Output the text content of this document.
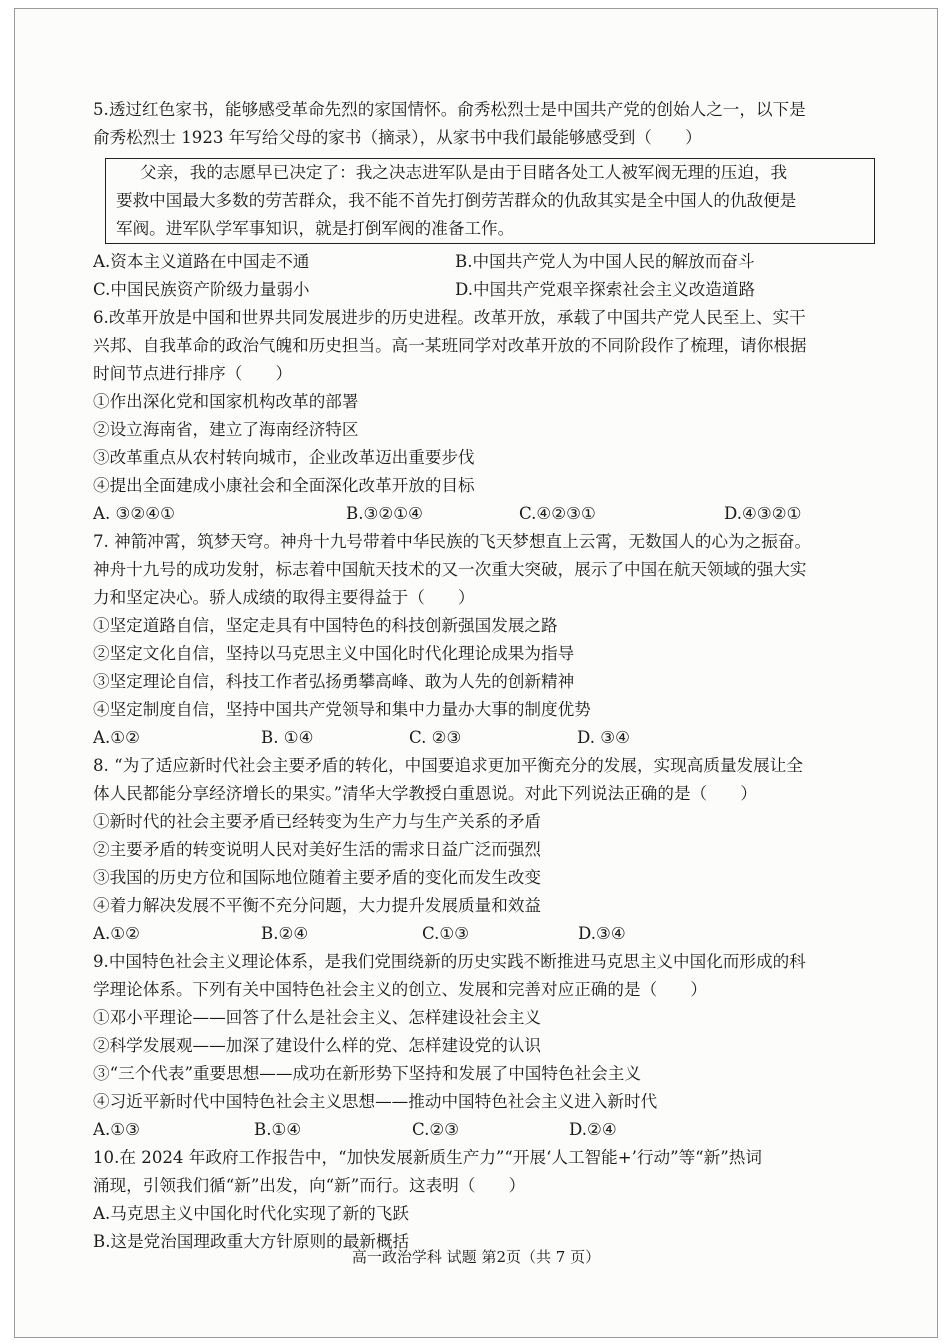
5.透过红色家书，能够感受革命先烈的家国情怀。俞秀松烈士是中国共产党的创始人之一，以下是
俞秀松烈士 1923 年写给父母的家书（摘录），从家书中我们最能够感受到（　　）
父亲，我的志愿早已决定了：我之决志进军队是由于目睹各处工人被军阀无理的压迫，我
要救中国最大多数的劳苦群众，我不能不首先打倒劳苦群众的仇敌其实是全中国人的仇敌便是
军阀。进军队学军事知识，就是打倒军阀的准备工作。
A.资本主义道路在中国走不通	B.中国共产党人为中国人民的解放而奋斗
C.中国民族资产阶级力量弱小	D.中国共产党艰辛探索社会主义改造道路
6.改革开放是中国和世界共同发展进步的历史进程。改革开放，承载了中国共产党人民至上、实干
兴邦、自我革命的政治气魄和历史担当。高一某班同学对改革开放的不同阶段作了梳理，请你根据
时间节点进行排序（　　）
①作出深化党和国家机构改革的部署
②设立海南省，建立了海南经济特区
③改革重点从农村转向城市，企业改革迈出重要步伐
④提出全面建成小康社会和全面深化改革开放的目标
A. ③②④①	B.③②①④	C.④②③①	D.④③②①
7. 神箭冲霄，筑梦天穹。神舟十九号带着中华民族的飞天梦想直上云霄，无数国人的心为之振奋。
神舟十九号的成功发射，标志着中国航天技术的又一次重大突破，展示了中国在航天领域的强大实
力和坚定决心。骄人成绩的取得主要得益于（　　）
①坚定道路自信，坚定走具有中国特色的科技创新强国发展之路
②坚定文化自信，坚持以马克思主义中国化时代化理论成果为指导
③坚定理论自信，科技工作者弘扬勇攀高峰、敢为人先的创新精神
④坚定制度自信，坚持中国共产党领导和集中力量办大事的制度优势
A.①②	B. ①④	C. ②③	D. ③④
8. “为了适应新时代社会主要矛盾的转化，中国要追求更加平衡充分的发展，实现高质量发展让全
体人民都能分享经济增长的果实。”清华大学教授白重恩说。对此下列说法正确的是（　　）
①新时代的社会主要矛盾已经转变为生产力与生产关系的矛盾
②主要矛盾的转变说明人民对美好生活的需求日益广泛而强烈
③我国的历史方位和国际地位随着主要矛盾的变化而发生改变
④着力解决发展不平衡不充分问题，大力提升发展质量和效益
A.①②	B.②④	C.①③	D.③④
9.中国特色社会主义理论体系，是我们党围绕新的历史实践不断推进马克思主义中国化而形成的科
学理论体系。下列有关中国特色社会主义的创立、发展和完善对应正确的是（　　）
①邓小平理论——回答了什么是社会主义、怎样建设社会主义
②科学发展观——加深了建设什么样的党、怎样建设党的认识
③“三个代表”重要思想——成功在新形势下坚持和发展了中国特色社会主义
④习近平新时代中国特色社会主义思想——推动中国特色社会主义进入新时代
A.①③	B.①④	C.②③	D.②④
10.在 2024 年政府工作报告中，“加快发展新质生产力”“开展‘人工智能+’行动”等“新”热词
涌现，引领我们循“新”出发，向“新”而行。这表明（　　）
A.马克思主义中国化时代化实现了新的飞跃
B.这是党治国理政重大方针原则的最新概括
高一政治学科 试题 第2页（共 7 页）
